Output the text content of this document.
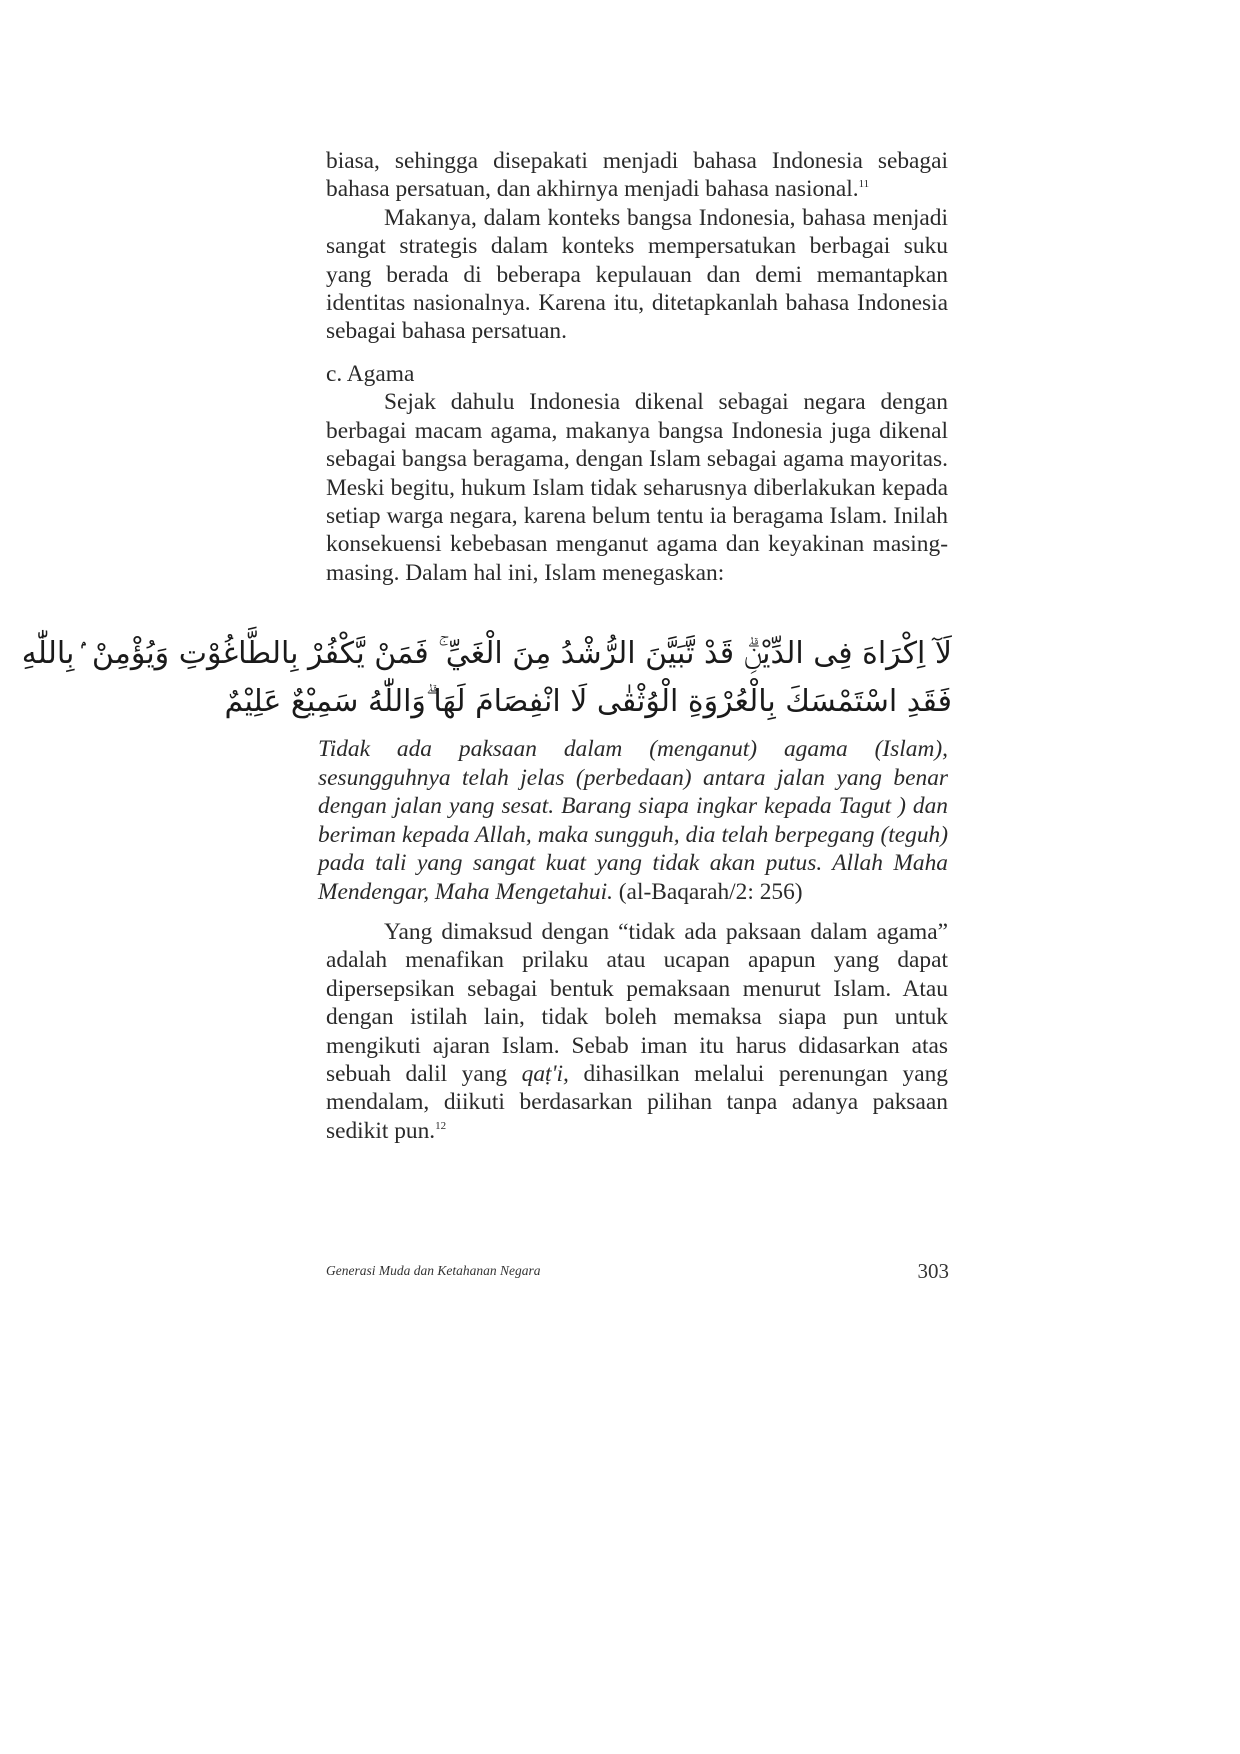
biasa, sehingga disepakati menjadi bahasa Indonesia sebagai bahasa persatuan, dan akhirnya menjadi bahasa nasional.$^{11}$

Makanya, dalam konteks bangsa Indonesia, bahasa menjadi sangat strategis dalam konteks mempersatukan berbagai suku yang berada di beberapa kepulauan dan demi memantapkan identitas nasionalnya. Karena itu, ditetapkanlah bahasa Indonesia sebagai bahasa persatuan.

c. Agama

Sejak dahulu Indonesia dikenal sebagai negara dengan berbagai macam agama, makanya bangsa Indonesia juga dikenal sebagai bangsa beragama, dengan Islam sebagai agama mayoritas. Meski begitu, hukum Islam tidak seharusnya diberlakukan kepada setiap warga negara, karena belum tentu ia beragama Islam. Inilah konsekuensi kebebasan menganut agama dan keyakinan masing-masing. Dalam hal ini, Islam menegaskan:

لَآ اِكْرَاهَ فِى الدِّيْنِۗ قَدْ تَّبَيَّنَ الرُّشْدُ مِنَ الْغَيِّ ۚ فَمَنْ يَّكْفُرْ بِالطَّاغُوْتِ وَيُؤْمِنْ ۢبِاللّٰهِ
فَقَدِ اسْتَمْسَكَ بِالْعُرْوَةِ الْوُثْقٰى لَا انْفِصَامَ لَهَا ۗوَاللّٰهُ سَمِيْعٌ عَلِيْمٌ
Tidak ada paksaan dalam (menganut) agama (Islam), sesungguhnya telah jelas (perbedaan) antara jalan yang benar dengan jalan yang sesat. Barang siapa ingkar kepada Tagut ) dan beriman kepada Allah, maka sungguh, dia telah berpegang (teguh) pada tali yang sangat kuat yang tidak akan putus. Allah Maha Mendengar, Maha Mengetahui. (al-Baqarah/2: 256)

Yang dimaksud dengan “tidak ada paksaan dalam agama” adalah menafikan prilaku atau ucapan apapun yang dapat dipersepsikan sebagai bentuk pemaksaan menurut Islam. Atau dengan istilah lain, tidak boleh memaksa siapa pun untuk mengikuti ajaran Islam. Sebab iman itu harus didasarkan atas sebuah dalil yang qaṭ'i, dihasilkan melalui perenungan yang mendalam, diikuti berdasarkan pilihan tanpa adanya paksaan sedikit pun.$^{12}$

Generasi Muda dan Ketahanan Negara	303
